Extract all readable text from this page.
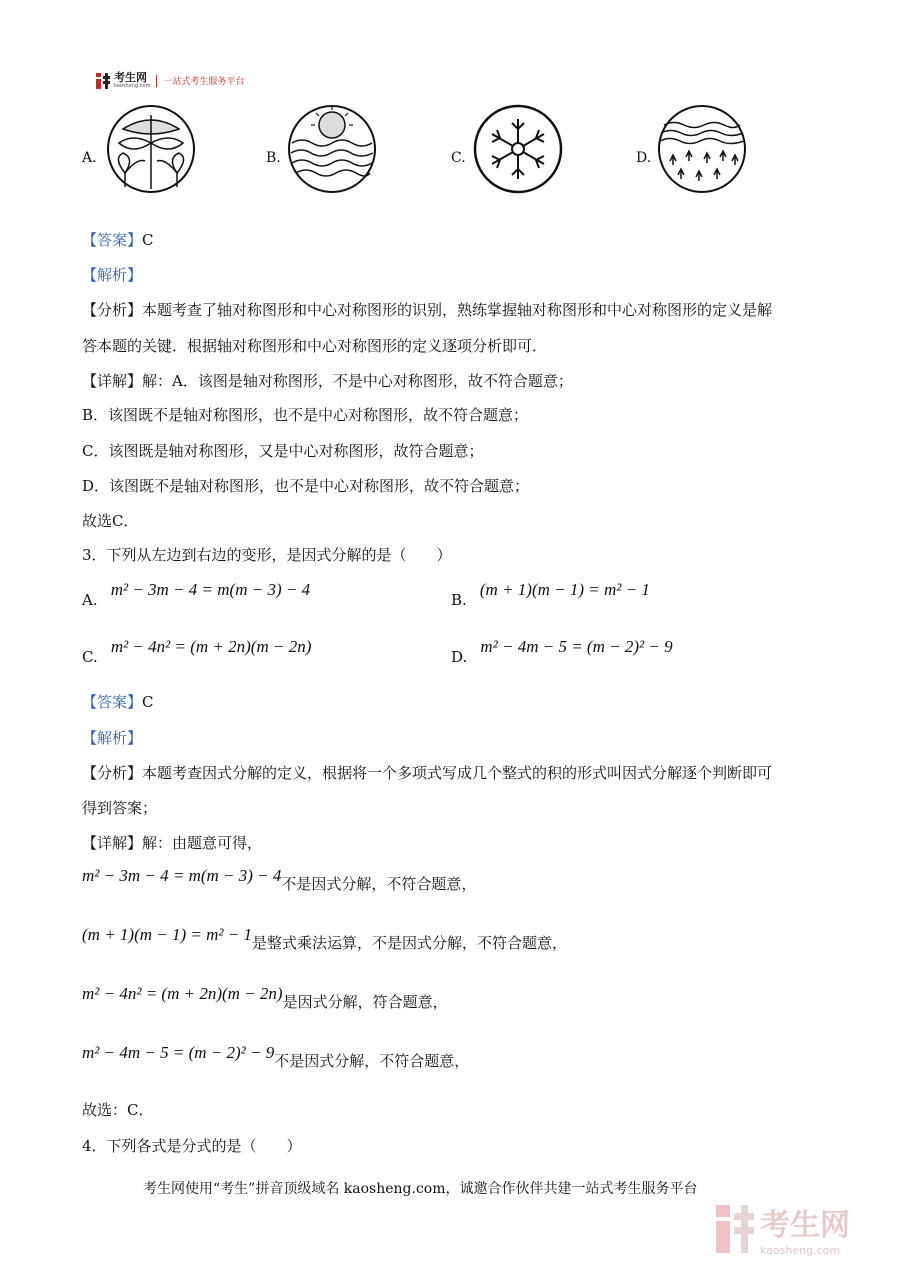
考生网
kaosheng.com 一站式考生服务平台
A.	B.	C.	D.
【答案】C
【解析】
【分析】本题考查了轴对称图形和中心对称图形的识别，熟练掌握轴对称图形和中心对称图形的定义是解
答本题的关键．根据轴对称图形和中心对称图形的定义逐项分析即可．
【详解】解：A．该图是轴对称图形，不是中心对称图形，故不符合题意；
B．该图既不是轴对称图形，也不是中心对称图形，故不符合题意；
C．该图既是轴对称图形，又是中心对称图形，故符合题意；
D．该图既不是轴对称图形，也不是中心对称图形，故不符合题意；
故选C．
3．下列从左边到右边的变形，是因式分解的是（　　）
A. m² − 3m − 4 = m(m − 3) − 4
B. (m + 1)(m − 1) = m² − 1
C. m² − 4n² = (m + 2n)(m − 2n)
D. m² − 4m − 5 = (m − 2)² − 9
【答案】C
【解析】
【分析】本题考查因式分解的定义，根据将一个多项式写成几个整式的积的形式叫因式分解逐个判断即可
得到答案；
【详解】解：由题意可得，
m² − 3m − 4 = m(m − 3) − 4不是因式分解，不符合题意，
(m + 1)(m − 1) = m² − 1是整式乘法运算，不是因式分解，不符合题意，
m² − 4n² = (m + 2n)(m − 2n)是因式分解，符合题意，
m² − 4m − 5 = (m − 2)² − 9不是因式分解，不符合题意，
故选：C．
4．下列各式是分式的是（　　）
考生网使用“考生”拼音顶级域名 kaosheng.com，诚邀合作伙伴共建一站式考生服务平台
考生网
kaosheng.com
